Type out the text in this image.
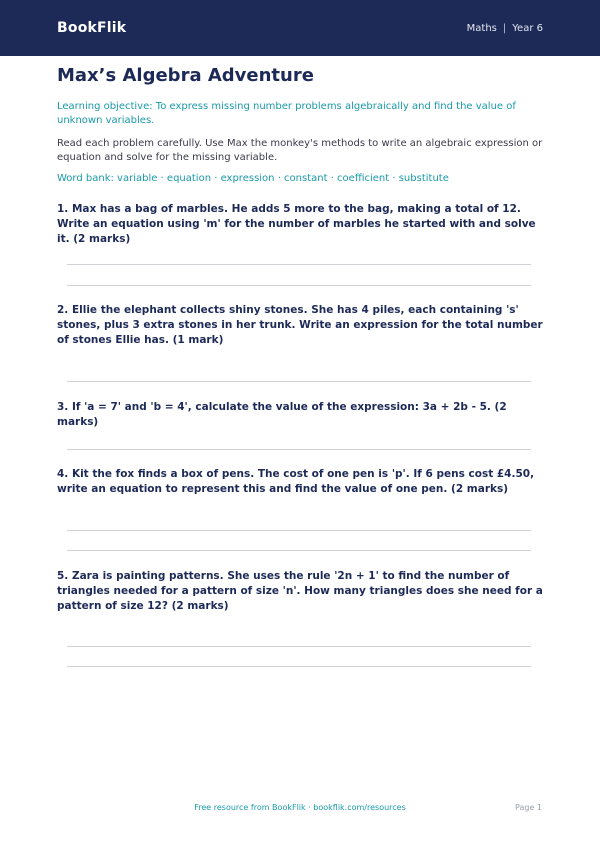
BookFlik	Maths | Year 6
Max’s Algebra Adventure

Learning objective: To express missing number problems algebraically and find the value of unknown variables.

Read each problem carefully. Use Max the monkey's methods to write an algebraic expression or equation and solve for the missing variable.

Word bank: variable · equation · expression · constant · coefficient · substitute

1. Max has a bag of marbles. He adds 5 more to the bag, making a total of 12. Write an equation using 'm' for the number of marbles he started with and solve it. (2 marks)

2. Ellie the elephant collects shiny stones. She has 4 piles, each containing 's' stones, plus 3 extra stones in her trunk. Write an expression for the total number of stones Ellie has. (1 mark)

3. If 'a = 7' and 'b = 4', calculate the value of the expression: 3a + 2b - 5. (2 marks)

4. Kit the fox finds a box of pens. The cost of one pen is 'p'. If 6 pens cost £4.50, write an equation to represent this and find the value of one pen. (2 marks)

5. Zara is painting patterns. She uses the rule '2n + 1' to find the number of triangles needed for a pattern of size 'n'. How many triangles does she need for a pattern of size 12? (2 marks)

Free resource from BookFlik · bookflik.com/resources	Page 1
